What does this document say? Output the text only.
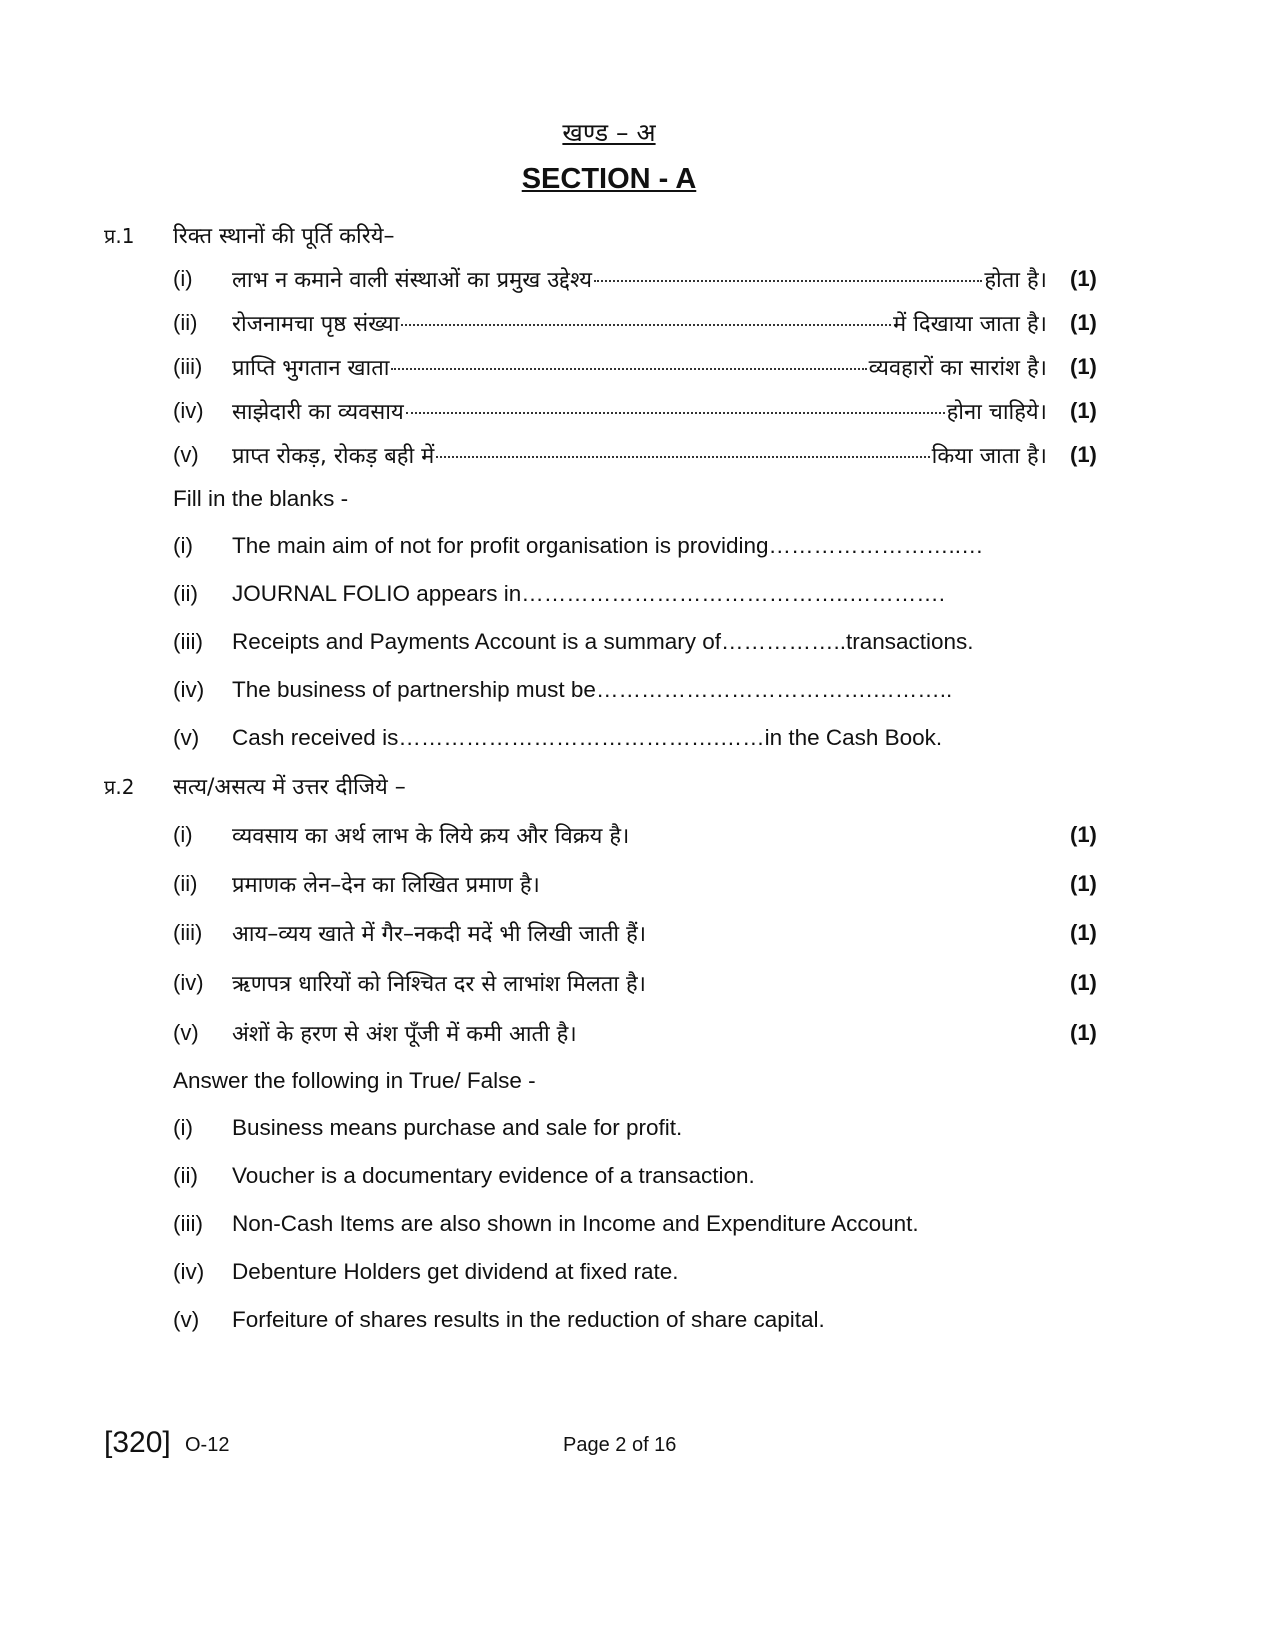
खण्ड – अ
SECTION - A
प्र.1 रिक्त स्थानों की पूर्ति करिये–
(i) लाभ न कमाने वाली संस्थाओं का प्रमुख उद्देश्य	होता है। (1)
(ii) रोजनामचा पृष्ठ संख्या	में दिखाया जाता है। (1)
(iii) प्राप्ति भुगतान खाता	व्यवहारों का सारांश है। (1)
(iv) साझेदारी का व्यवसाय	होना चाहिये। (1)
(v) प्राप्त रोकड़, रोकड़ बही में	किया जाता है। (1)
Fill in the blanks -
(i) The main aim of not for profit organisation is providing……………………..…
(ii) JOURNAL FOLIO appears in……………………………………..………….
(iii) Receipts and Payments Account is a summary of……………..transactions.
(iv) The business of partnership must be……………………………….………..
(v) Cash received is…………………………………….……in the Cash Book.
प्र.2 सत्य/असत्य में उत्तर दीजिये –
(i) व्यवसाय का अर्थ लाभ के लिये क्रय और विक्रय है।	(1)
(ii) प्रमाणक लेन–देन का लिखित प्रमाण है।	(1)
(iii) आय–व्यय खाते में गैर–नकदी मदें भी लिखी जाती हैं।	(1)
(iv) ऋणपत्र धारियों को निश्चित दर से लाभांश मिलता है।	(1)
(v) अंशों के हरण से अंश पूँजी में कमी आती है।	(1)
Answer the following in True/ False -
(i) Business means purchase and sale for profit.
(ii) Voucher is a documentary evidence of a transaction.
(iii) Non-Cash Items are also shown in Income and Expenditure Account.
(iv) Debenture Holders get dividend at fixed rate.
(v) Forfeiture of shares results in the reduction of share capital.
[320] O-12	Page 2 of 16
